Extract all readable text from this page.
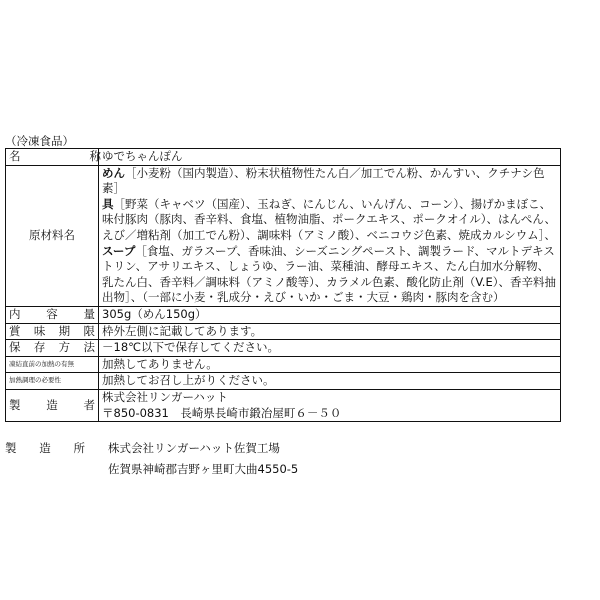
（冷凍食品）
名　　　　　　称	ゆでちゃんぽん
原材料名	めん［小麦粉（国内製造）、粉末状植物性たん白／加工でん粉、かんすい、クチナシ色素］
具［野菜（キャベツ（国産）、玉ねぎ、にんじん、いんげん、コーン）、揚げかまぼこ、味付豚肉（豚肉、香辛料、食塩、植物油脂、ポークエキス、ポークオイル）、はんぺん、えび／増粘剤（加工でん粉）、調味料（アミノ酸）、ベニコウジ色素、焼成カルシウム］、スープ［食塩、ガラスープ、香味油、シーズニングペースト、調製ラード、マルトデキストリン、アサリエキス、しょうゆ、ラー油、菜種油、酵母エキス、たん白加水分解物、乳たん白、香辛料／調味料（アミノ酸等）、カラメル色素、酸化防止剤（V.E）、香辛料抽出物］、（一部に小麦・乳成分・えび・いか・ごま・大豆・鶏肉・豚肉を含む）
内　容　量	305g（めん150g）
賞味期限	枠外左側に記載してあります。
保存方法	－18℃以下で保存してください。
凍結直前の加熱の有無	加熱してありません。
加熱調理の必要性	加熱してお召し上がりください。
製　造　者	株式会社リンガーハット
〒850-0831　 長崎県長崎市鍛冶屋町６－５０
製　造　所 株式会社リンガーハット佐賀工場
佐賀県神崎郡吉野ヶ里町大曲4550-5
